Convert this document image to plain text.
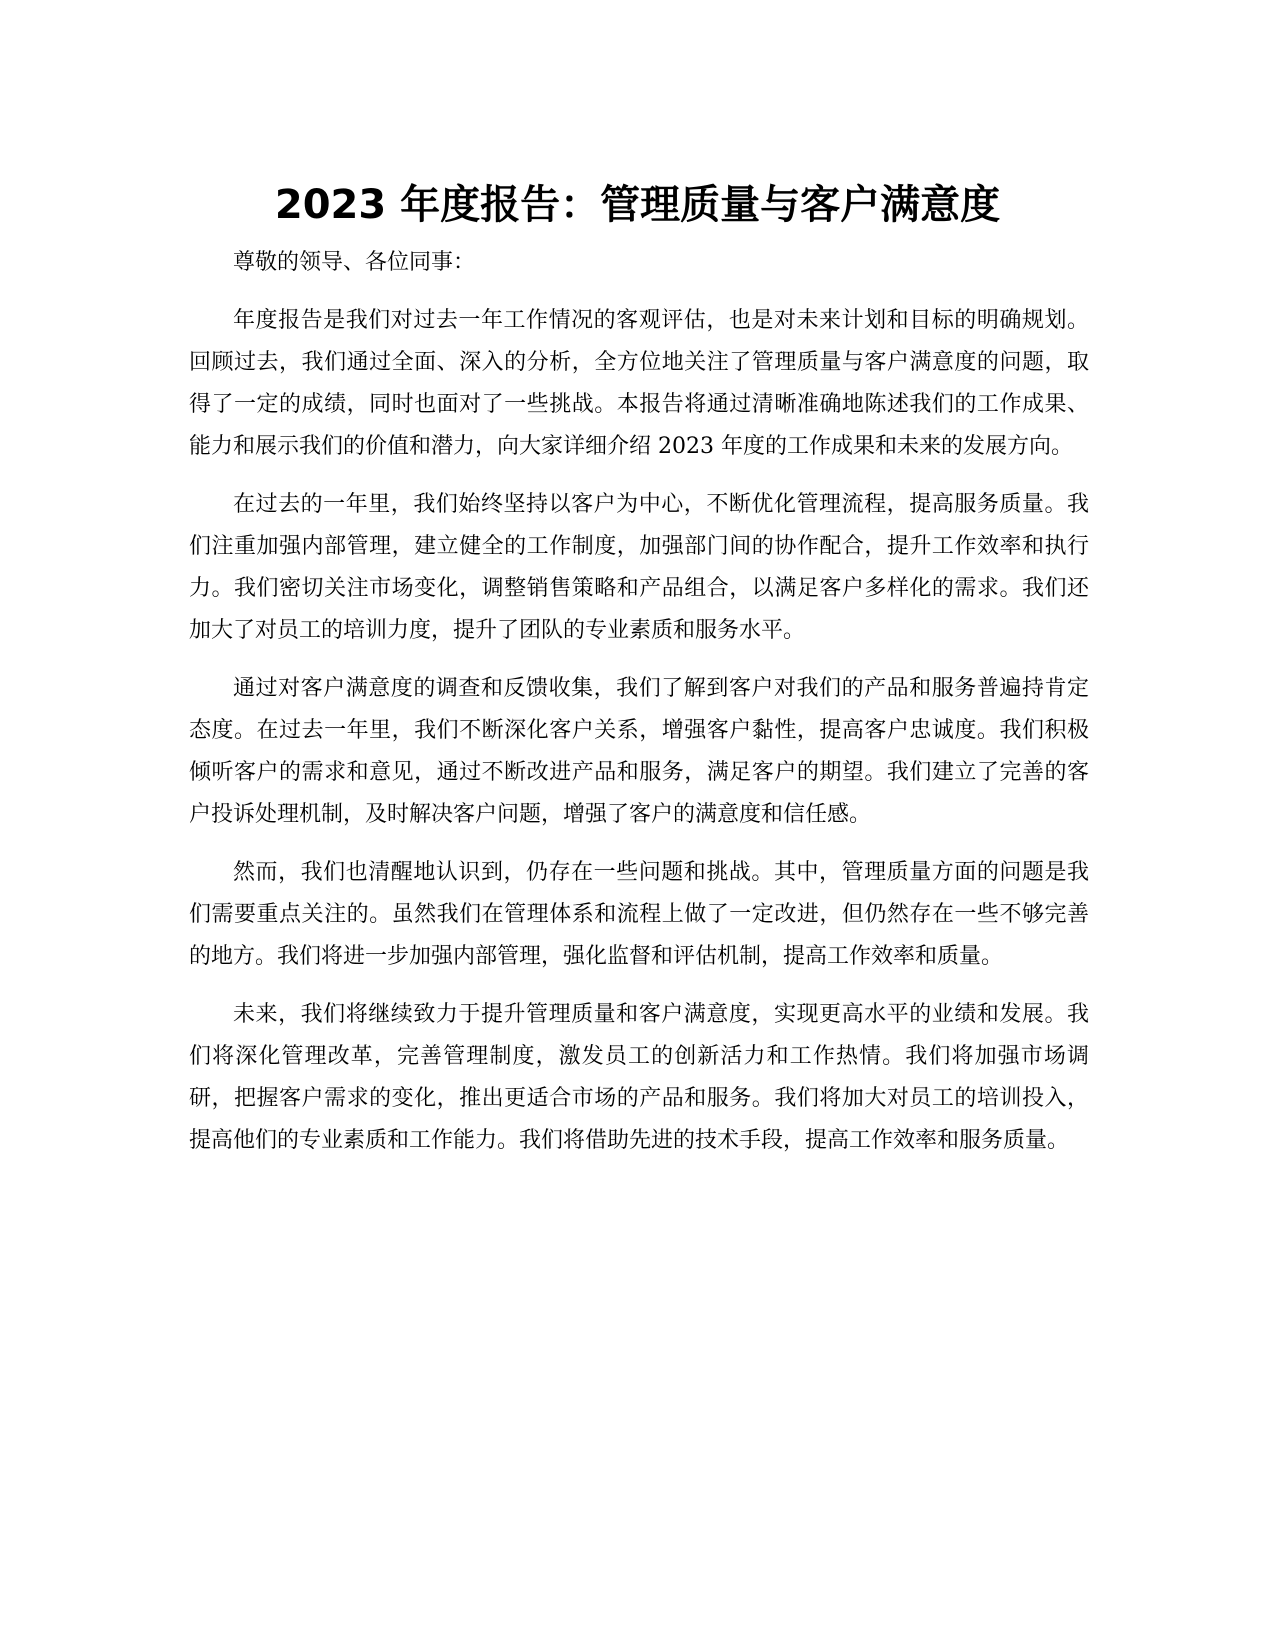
2023 年度报告：管理质量与客户满意度

尊敬的领导、各位同事：

年度报告是我们对过去一年工作情况的客观评估，也是对未来计划和目标的明确规划。回顾过去，我们通过全面、深入的分析，全方位地关注了管理质量与客户满意度的问题，取得了一定的成绩，同时也面对了一些挑战。本报告将通过清晰准确地陈述我们的工作成果、能力和展示我们的价值和潜力，向大家详细介绍 2023 年度的工作成果和未来的发展方向。

在过去的一年里，我们始终坚持以客户为中心，不断优化管理流程，提高服务质量。我们注重加强内部管理，建立健全的工作制度，加强部门间的协作配合，提升工作效率和执行力。我们密切关注市场变化，调整销售策略和产品组合，以满足客户多样化的需求。我们还加大了对员工的培训力度，提升了团队的专业素质和服务水平。

通过对客户满意度的调查和反馈收集，我们了解到客户对我们的产品和服务普遍持肯定态度。在过去一年里，我们不断深化客户关系，增强客户黏性，提高客户忠诚度。我们积极倾听客户的需求和意见，通过不断改进产品和服务，满足客户的期望。我们建立了完善的客户投诉处理机制，及时解决客户问题，增强了客户的满意度和信任感。

然而，我们也清醒地认识到，仍存在一些问题和挑战。其中，管理质量方面的问题是我们需要重点关注的。虽然我们在管理体系和流程上做了一定改进，但仍然存在一些不够完善的地方。我们将进一步加强内部管理，强化监督和评估机制，提高工作效率和质量。

未来，我们将继续致力于提升管理质量和客户满意度，实现更高水平的业绩和发展。我们将深化管理改革，完善管理制度，激发员工的创新活力和工作热情。我们将加强市场调研，把握客户需求的变化，推出更适合市场的产品和服务。我们将加大对员工的培训投入，提高他们的专业素质和工作能力。我们将借助先进的技术手段，提高工作效率和服务质量。
